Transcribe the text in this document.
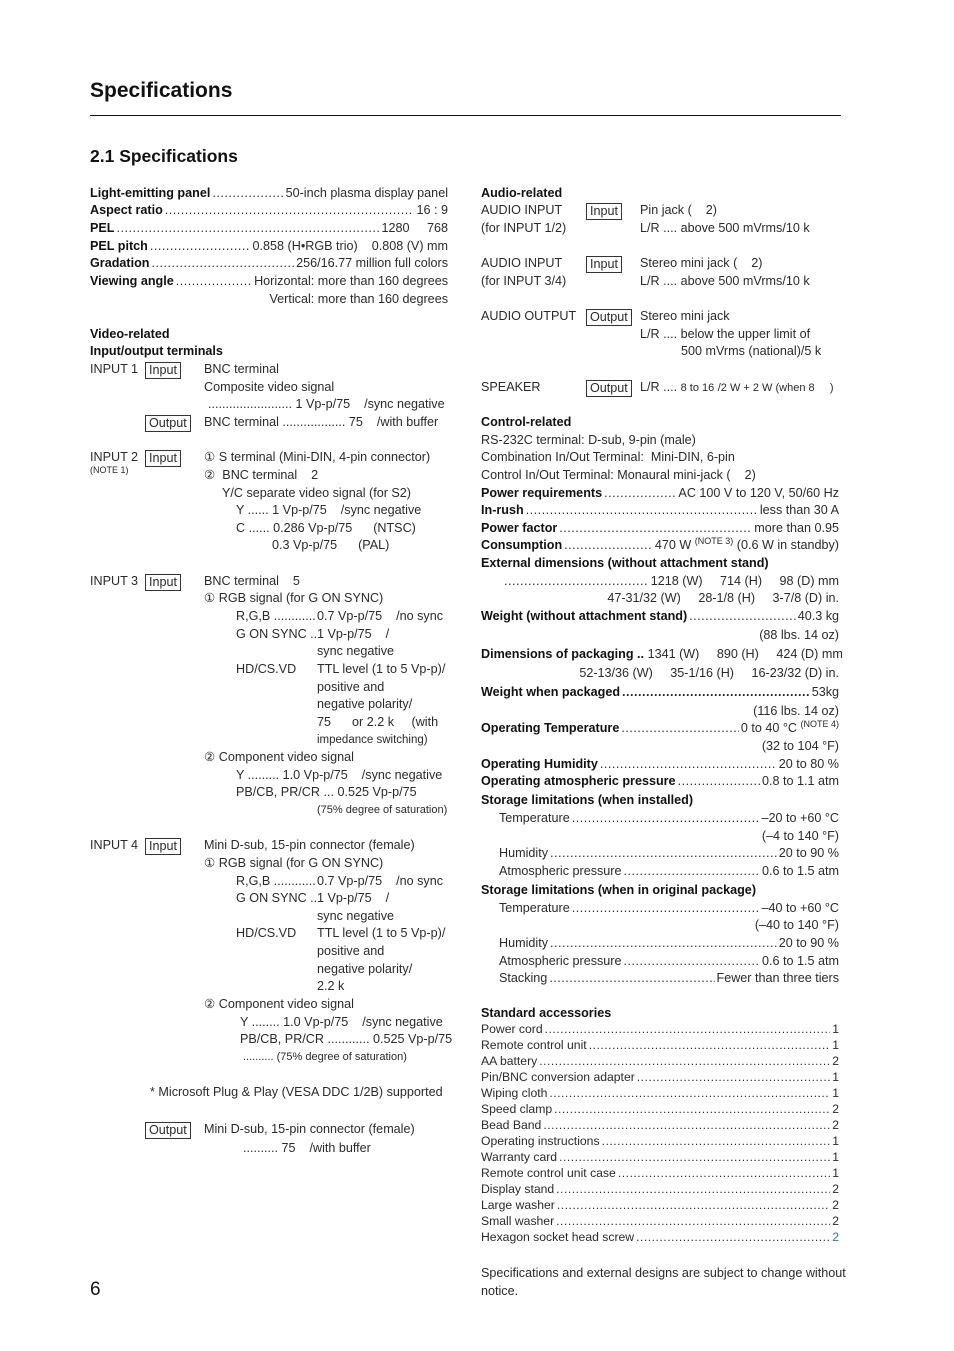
Specifications
2.1 Specifications
Light-emitting panel .....	50-inch plasma display panel
Aspect ratio .....	16 : 9
PEL .....	1280     768
PEL pitch .....	0.858 (H•RGB trio)    0.808 (V) mm
Gradation .....	256/16.77 million full colors
Viewing angle .....	Horizontal: more than 160 degrees
Vertical: more than 160 degrees
Video-related
Input/output terminals
INPUT 1 Input	BNC terminal
Composite video signal
........................ 1 Vp-p/75    /sync negative
Output	BNC terminal .................. 75    /with buffer
INPUT 2
(NOTE 1)
Input	① S terminal (Mini-DIN, 4-pin connector)
②  BNC terminal    2
Y/C separate video signal (for S2)
Y ...... 1 Vp-p/75    /sync negative
C ...... 0.286 Vp-p/75      (NTSC)
0.3 Vp-p/75      (PAL)
INPUT 3 Input	BNC terminal    5
① RGB signal (for G ON SYNC)
R,G,B ............ 0.7 Vp-p/75    /no sync
G ON SYNC .. 1 Vp-p/75    /
sync negative
HD/CS.VD TTL level (1 to 5 Vp-p)/
positive and
negative polarity/
75      or 2.2 k     (with
impedance switching)
② Component video signal
Y ......... 1.0 Vp-p/75    /sync negative
PB/CB, PR/CR ... 0.525 Vp-p/75
(75% degree of saturation)
INPUT 4 Input	Mini D-sub, 15-pin connector (female)
① RGB signal (for G ON SYNC)
R,G,B ............ 0.7 Vp-p/75    /no sync
G ON SYNC .. 1 Vp-p/75    /
sync negative
HD/CS.VD TTL level (1 to 5 Vp-p)/
positive and
negative polarity/
2.2 k
② Component video signal
Y ........ 1.0 Vp-p/75    /sync negative
PB/CB, PR/CR ............ 0.525 Vp-p/75
.......... (75% degree of saturation)
* Microsoft Plug & Play (VESA DDC 1/2B) supported
Output	Mini D-sub, 15-pin connector (female)
.......... 75    /with buffer
Audio-related
AUDIO INPUT
(for INPUT 1/2)
Input	Pin jack (    2)
L/R .... above 500 mVrms/10 k
AUDIO INPUT
(for INPUT 3/4)
Input	Stereo mini jack (    2)
L/R .... above 500 mVrms/10 k
AUDIO OUTPUT	Output Stereo mini jack
L/R .... below the upper limit of
500 mVrms (national)/5 k
SPEAKER	Output L/R .... 8 to 16 /2 W + 2 W (when 8     )
Control-related
RS-232C terminal: D-sub, 9-pin (male)
Combination In/Out Terminal:  Mini-DIN, 6-pin
Control In/Out Terminal: Monaural mini-jack (    2)
Power requirements .....	AC 100 V to 120 V, 50/60 Hz
In-rush .....	less than 30 A
Power factor .....	more than 0.95
Consumption .....	470 W
(NOTE 3)
(0.6 W in standby)
External dimensions (without attachment stand)
.....
1218 (W)     714 (H)     98 (D) mm
47-31/32 (W)     28-1/8 (H)     3-7/8 (D) in.
Weight (without attachment stand) .....	40.3 kg
(88 lbs. 14 oz)
Dimensions of packaging .. 1341 (W)     890 (H)     424 (D) mm
52-13/36 (W)     35-1/16 (H)     16-23/32 (D) in.
Weight when packaged .....	53kg
(116 lbs. 14 oz)
Operating Temperature .....	0 to 40 °C
(NOTE 4)
(32 to 104 °F)
Operating Humidity .....	20 to 80 %
Operating atmospheric pressure .....	0.8 to 1.1 atm
Storage limitations (when installed)
Temperature .....	–20 to +60 °C
(–4 to 140 °F)
Humidity .....	20 to 90 %
Atmospheric pressure .....	0.6 to 1.5 atm
Storage limitations (when in original package)
Temperature .....	–40 to +60 °C
(–40 to 140 °F)
Humidity .....	20 to 90 %
Atmospheric pressure .....	0.6 to 1.5 atm
Stacking .....	Fewer than three tiers
Standard accessories
Power cord .....	1
Remote control unit .....	1
AA battery .....	2
Pin/BNC conversion adapter .....	1
Wiping cloth .....	1
Speed clamp .....	2
Bead Band .....	2
Operating instructions .....	1
Warranty card .....	1
Remote control unit case .....	1
Display stand .....	2
Large washer .....	2
Small washer .....	2
Hexagon socket head screw .....	2
Specifications and external designs are subject to change without
notice.
6
